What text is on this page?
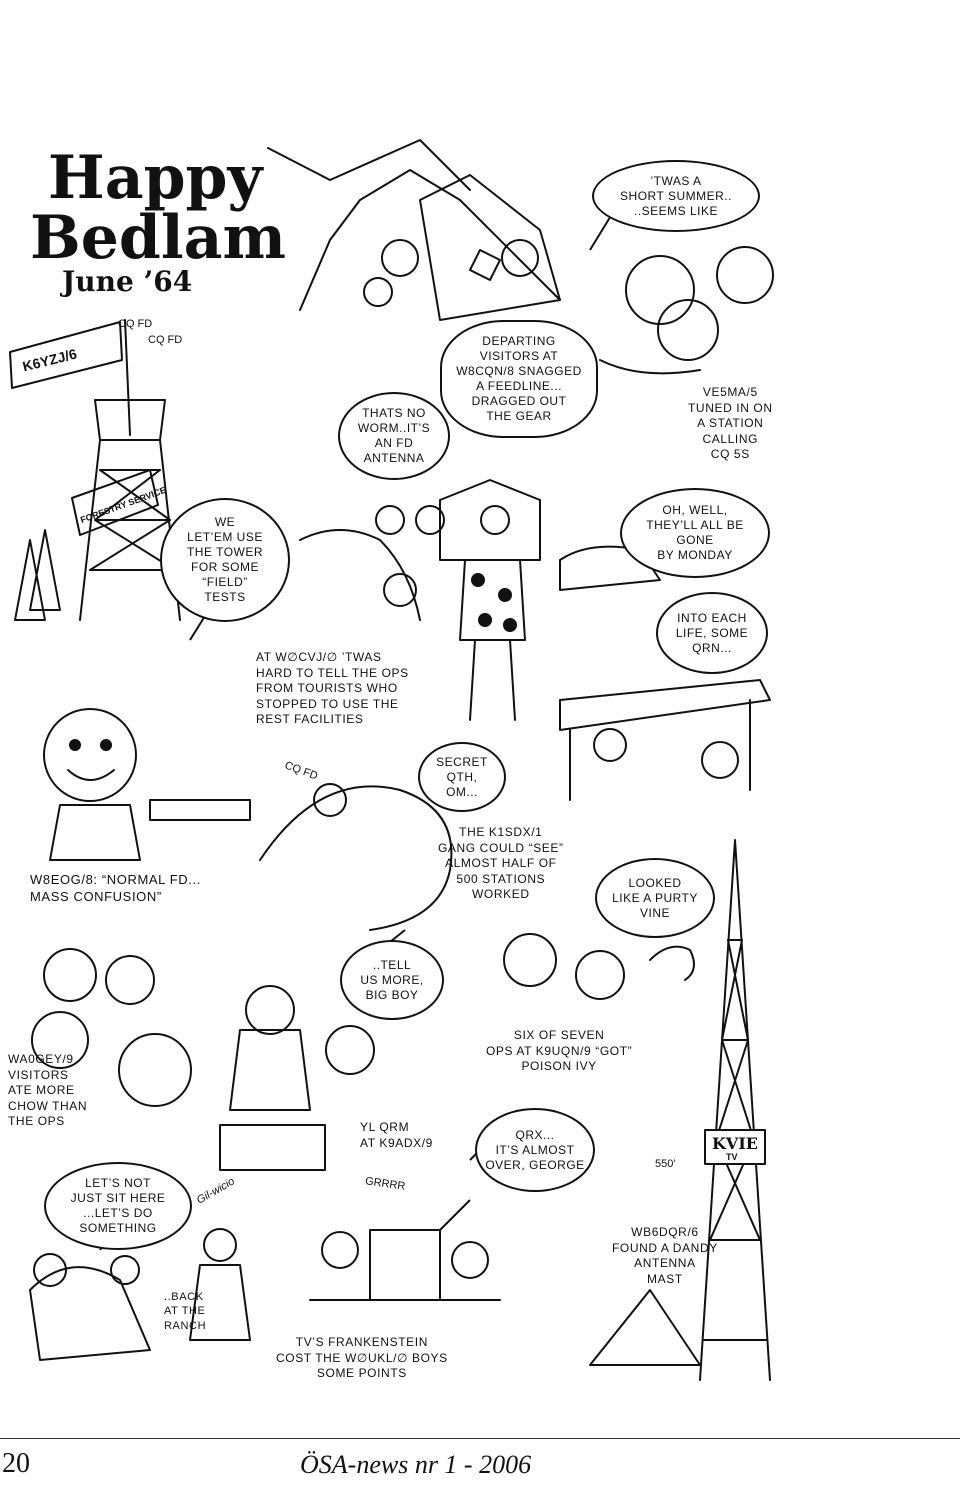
Happy
Bedlam
June ’64
K6YZJ/6
CQ FD
CQ FD
CQ FD
FORESTRY SERVICE
KVIE
TV
550’
GRRRR
Gil-wicio
’TWAS A
SHORT SUMMER..
..SEEMS LIKE
DEPARTING
VISITORS AT
W8CQN/8 SNAGGED
A FEEDLINE...
DRAGGED OUT
THE GEAR
THATS NO
WORM..IT’S
AN FD
ANTENNA
VE5MA/5
TUNED IN ON
A STATION
CALLING
CQ 5S
WE
LET’EM USE
THE TOWER
FOR SOME
“FIELD”
TESTS
OH, WELL,
THEY’LL ALL BE GONE
BY MONDAY
INTO EACH
LIFE, SOME
QRN...
SECRET
QTH,
OM...
LOOKED
LIKE A PURTY
VINE
..TELL
US MORE,
BIG BOY
QRX...
IT’S ALMOST
OVER, GEORGE
LET’S NOT
JUST SIT HERE
...LET’S DO
SOMETHING
AT W∅CVJ/∅ ’TWAS
HARD TO TELL THE OPS
FROM TOURISTS WHO
STOPPED TO USE THE
REST FACILITIES
W8EOG/8: “NORMAL FD...
MASS CONFUSION”
THE K1SDX/1
GANG COULD “SEE”
ALMOST HALF OF
500 STATIONS
WORKED
WA0GEY/9
VISITORS
ATE MORE
CHOW THAN
THE OPS
SIX OF SEVEN
OPS AT K9UQN/9 “GOT”
POISON IVY
YL QRM
AT K9ADX/9
WB6DQR/6
FOUND A DANDY
ANTENNA
MAST
..BACK
AT THE
RANCH
TV’S FRANKENSTEIN
COST THE W∅UKL/∅ BOYS
SOME POINTS
20	ÖSA-news nr 1 - 2006
